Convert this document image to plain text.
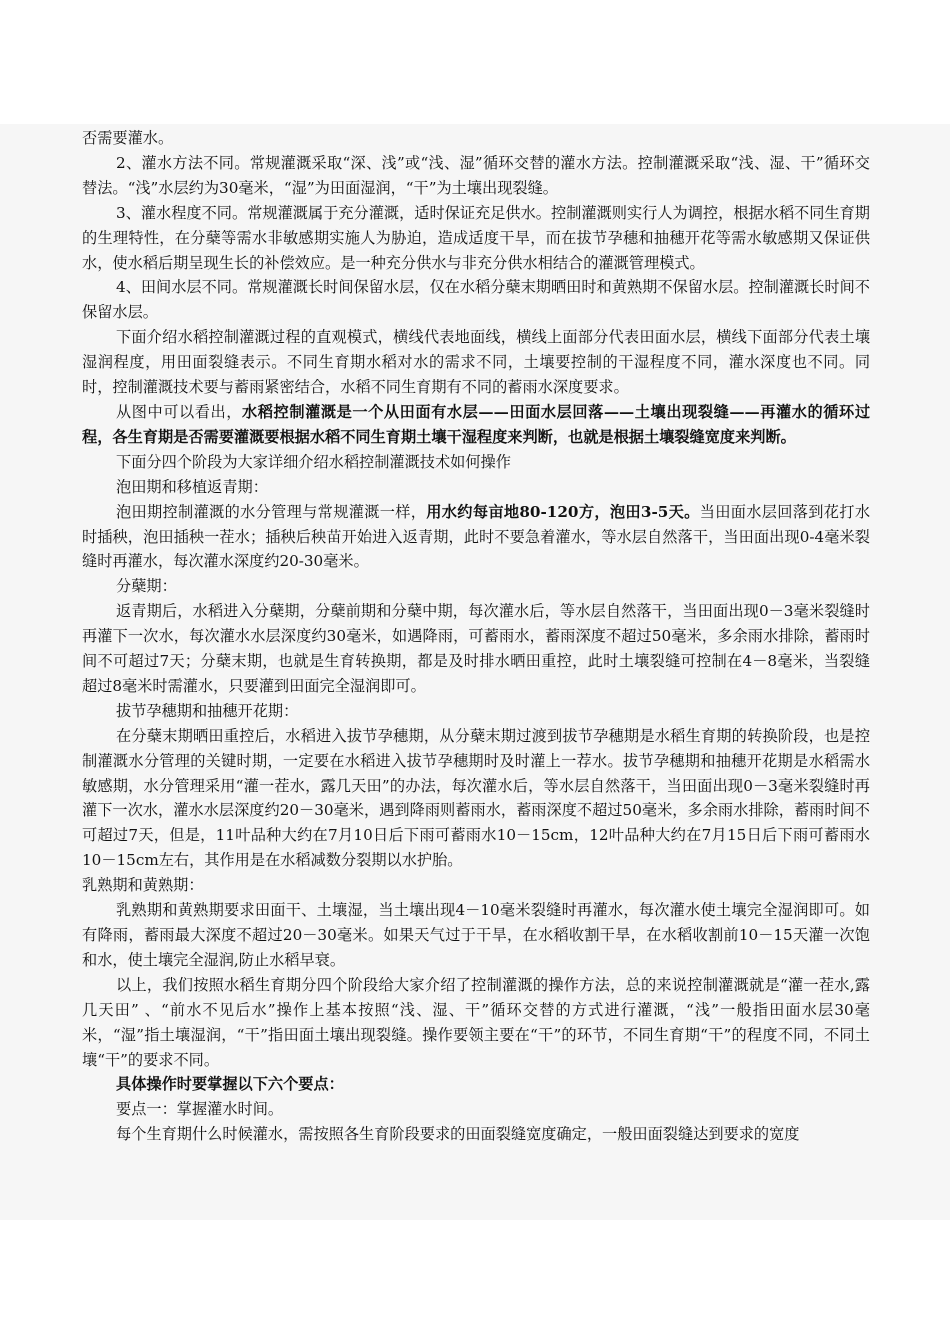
否需要灌水。

2、灌水方法不同。常规灌溉采取“深、浅”或“浅、湿”循环交替的灌水方法。控制灌溉采取“浅、湿、干”循环交替法。“浅”水层约为30毫米，“湿”为田面湿润，“干”为土壤出现裂缝。

3、灌水程度不同。常规灌溉属于充分灌溉，适时保证充足供水。控制灌溉则实行人为调控，根据水稻不同生育期的生理特性，在分蘖等需水非敏感期实施人为胁迫，造成适度干旱，而在拔节孕穗和抽穗开花等需水敏感期又保证供水，使水稻后期呈现生长的补偿效应。是一种充分供水与非充分供水相结合的灌溉管理模式。

4、田间水层不同。常规灌溉长时间保留水层，仅在水稻分蘖末期晒田时和黄熟期不保留水层。控制灌溉长时间不保留水层。

下面介绍水稻控制灌溉过程的直观模式，横线代表地面线，横线上面部分代表田面水层，横线下面部分代表土壤湿润程度，用田面裂缝表示。不同生育期水稻对水的需求不同，土壤要控制的干湿程度不同，灌水深度也不同。同时，控制灌溉技术要与蓄雨紧密结合，水稻不同生育期有不同的蓄雨水深度要求。

从图中可以看出，水稻控制灌溉是一个从田面有水层——田面水层回落——土壤出现裂缝——再灌水的循环过程，各生育期是否需要灌溉要根据水稻不同生育期土壤干湿程度来判断，也就是根据土壤裂缝宽度来判断。

下面分四个阶段为大家详细介绍水稻控制灌溉技术如何操作

泡田期和移植返青期：

泡田期控制灌溉的水分管理与常规灌溉一样，用水约每亩地80-120方，泡田3-5天。当田面水层回落到花打水时插秧，泡田插秧一茬水；插秧后秧苗开始进入返青期，此时不要急着灌水，等水层自然落干，当田面出现0-4毫米裂缝时再灌水，每次灌水深度约20-30毫米。

分蘖期：

返青期后，水稻进入分蘖期，分蘖前期和分蘖中期，每次灌水后，等水层自然落干，当田面出现0－3毫米裂缝时再灌下一次水，每次灌水水层深度约30毫米，如遇降雨，可蓄雨水，蓄雨深度不超过50毫米，多余雨水排除，蓄雨时间不可超过7天；分蘖末期，也就是生育转换期，都是及时排水晒田重控，此时土壤裂缝可控制在4－8毫米，当裂缝超过8毫米时需灌水，只要灌到田面完全湿润即可。

拔节孕穗期和抽穗开花期：

在分蘖末期晒田重控后，水稻进入拔节孕穗期，从分蘖末期过渡到拔节孕穗期是水稻生育期的转换阶段，也是控制灌溉水分管理的关键时期，一定要在水稻进入拔节孕穗期时及时灌上一荐水。拔节孕穗期和抽穗开花期是水稻需水敏感期，水分管理采用“灌一茬水，露几天田”的办法，每次灌水后，等水层自然落干，当田面出现0－3毫米裂缝时再灌下一次水，灌水水层深度约20－30毫米，遇到降雨则蓄雨水，蓄雨深度不超过50毫米，多余雨水排除，蓄雨时间不可超过7天，但是，11叶品种大约在7月10日后下雨可蓄雨水10－15cm，12叶品种大约在7月15日后下雨可蓄雨水10－15cm左右，其作用是在水稻减数分裂期以水护胎。

乳熟期和黄熟期：

乳熟期和黄熟期要求田面干、土壤湿，当土壤出现4－10毫米裂缝时再灌水，每次灌水使土壤完全湿润即可。如有降雨，蓄雨最大深度不超过20－30毫米。如果天气过于干旱，在水稻收割干旱，在水稻收割前10－15天灌一次饱和水，使土壤完全湿润,防止水稻早衰。

以上，我们按照水稻生育期分四个阶段给大家介绍了控制灌溉的操作方法，总的来说控制灌溉就是“灌一茬水,露几天田” 、“前水不见后水”操作上基本按照“浅、湿、干”循环交替的方式进行灌溉，“浅”一般指田面水层30毫米，“湿”指土壤湿润，“干”指田面土壤出现裂缝。操作要领主要在“干”的环节，不同生育期“干”的程度不同，不同土壤“干”的要求不同。

具体操作时要掌握以下六个要点：

要点一：掌握灌水时间。

每个生育期什么时候灌水，需按照各生育阶段要求的田面裂缝宽度确定，一般田面裂缝达到要求的宽度
